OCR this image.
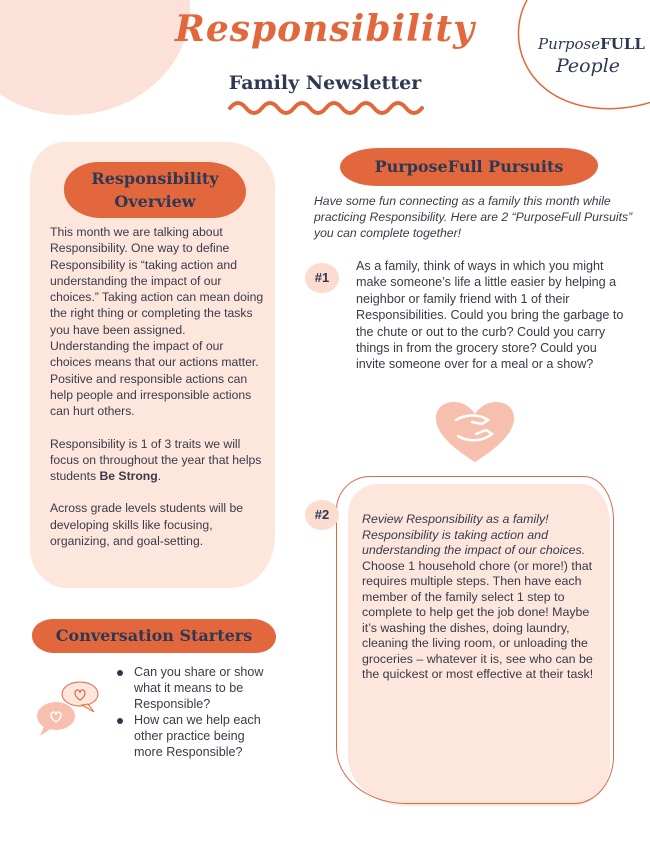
Responsibility
Family Newsletter
PurposeFULL
People
Responsibility
Overview

This month we are talking about Responsibility. One way to define Responsibility is “taking action and understanding the impact of our choices.” Taking action can mean doing the right thing or completing the tasks you have been assigned. Understanding the impact of our choices means that our actions matter. Positive and responsible actions can help people and irresponsible actions can hurt others.

Responsibility is 1 of 3 traits we will focus on throughout the year that helps students Be Strong.

Across grade levels students will be developing skills like focusing, organizing, and goal-setting.

Conversation Starters
Can you share or show what it means to be Responsible?
How can we help each other practice being more Responsible?
PurposeFull Pursuits
Have some fun connecting as a family this month while practicing Responsibility. Here are 2 “PurposeFull Pursuits” you can complete together!
#1
As a family, think of ways in which you might make someone’s life a little easier by helping a neighbor or family friend with 1 of their Responsibilities. Could you bring the garbage to the chute or out to the curb? Could you carry things in from the grocery store? Could you invite someone over for a meal or a show?
#2	Review Responsibility as a family! Responsibility is taking action and understanding the impact of our choices.
Choose 1 household chore (or more!) that requires multiple steps. Then have each member of the family select 1 step to complete to help get the job done! Maybe it’s washing the dishes, doing laundry, cleaning the living room, or unloading the groceries – whatever it is, see who can be the quickest or most effective at their task!
